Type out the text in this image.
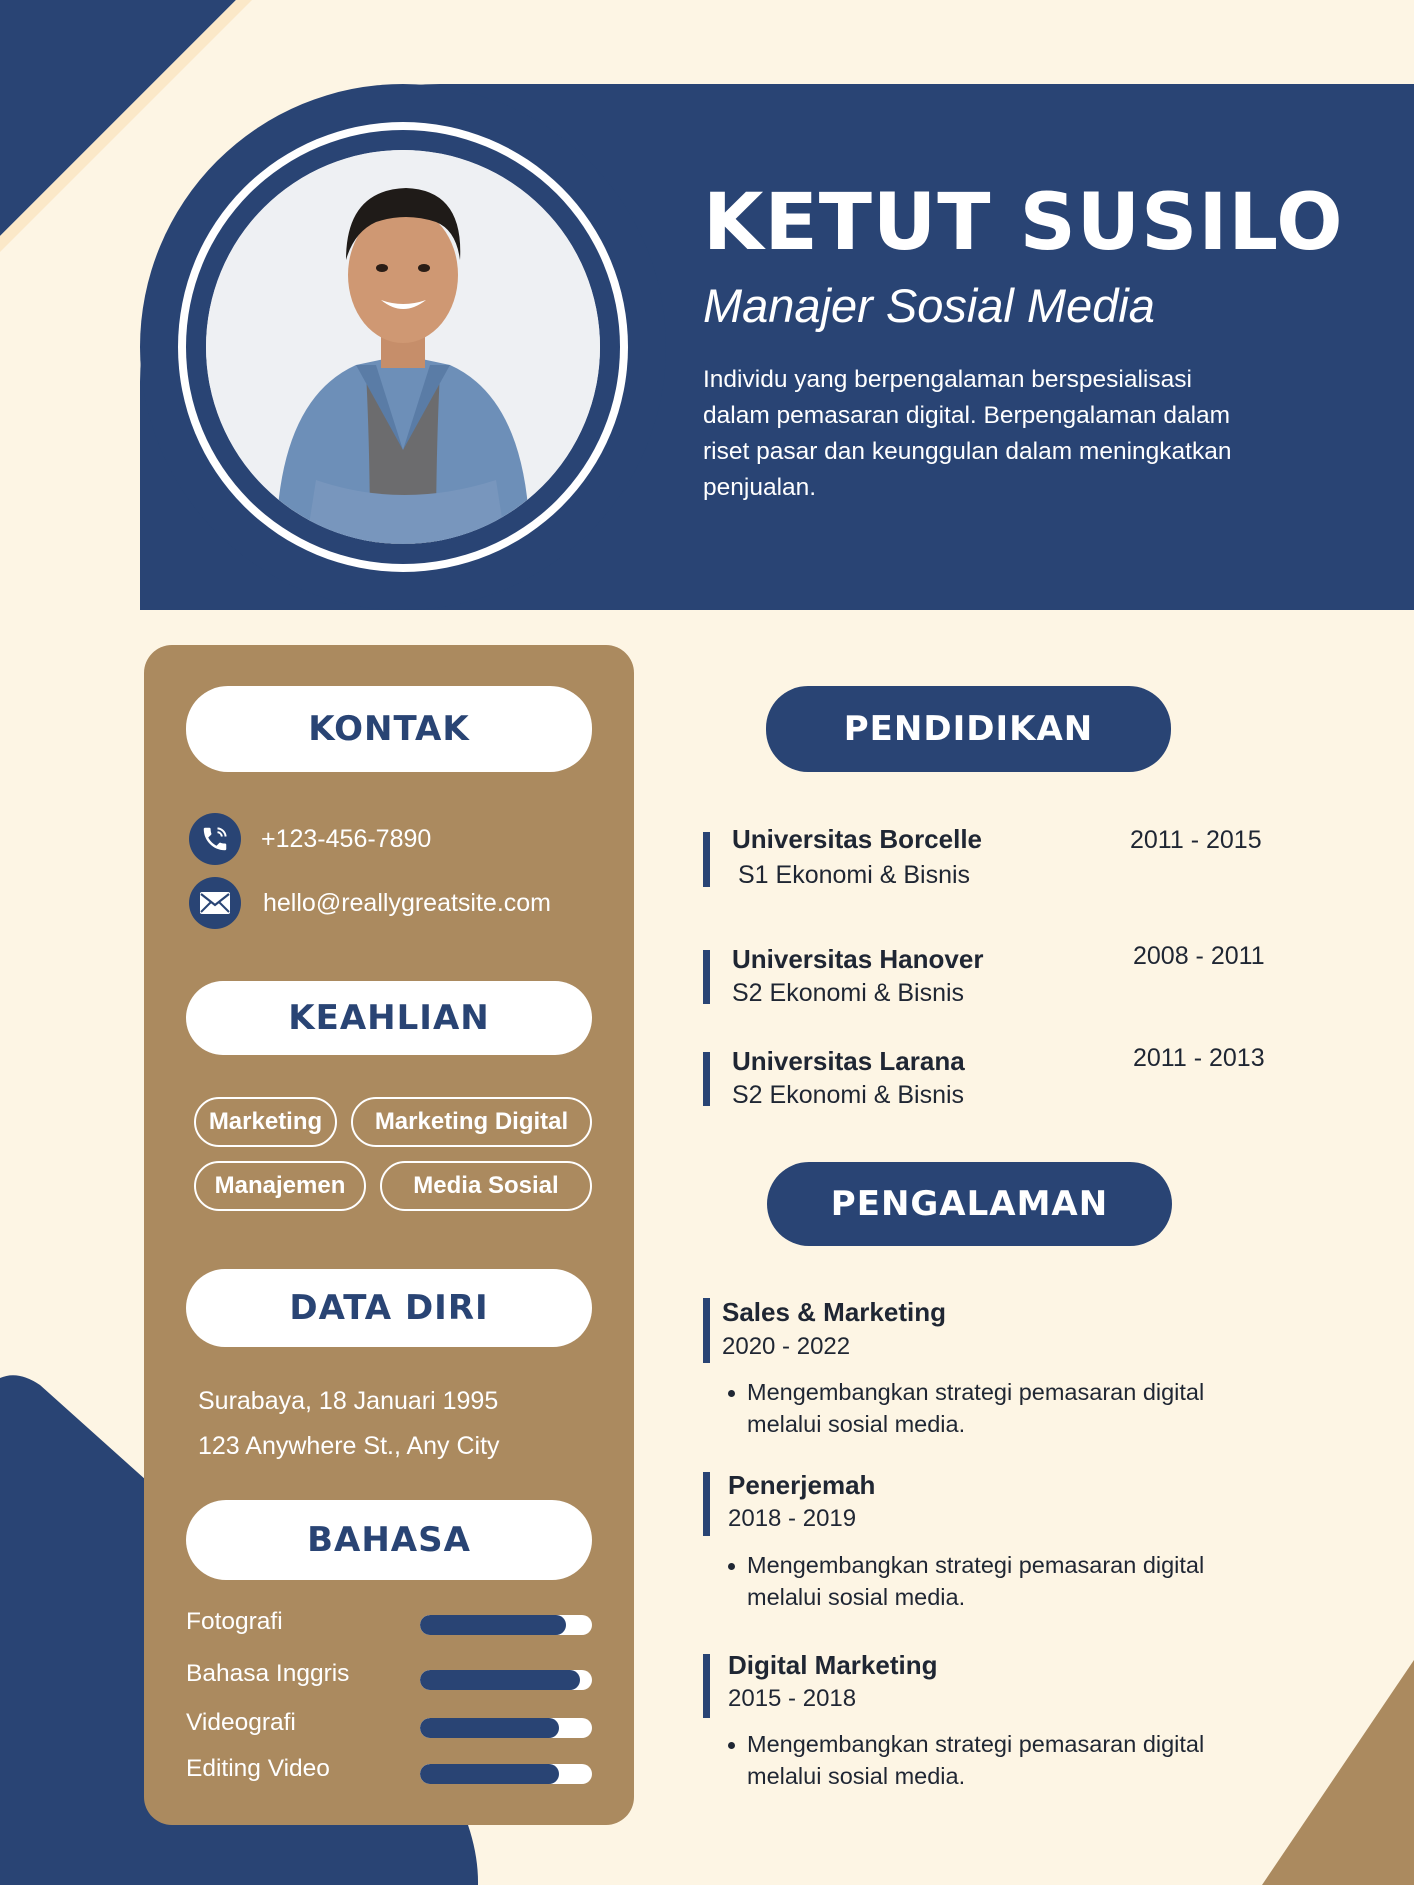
KETUT SUSILO
Manajer Sosial Media
Individu yang berpengalaman berspesialisasi dalam pemasaran digital. Berpengalaman dalam riset pasar dan keunggulan dalam meningkatkan penjualan.
KONTAK
+123-456-7890
hello@reallygreatsite.com
KEAHLIAN
Marketing	Marketing Digital
Manajemen	Media Sosial
DATA DIRI
Surabaya, 18 Januari 1995
123 Anywhere St., Any City
BAHASA
Fotografi
Bahasa Inggris
Videografi
Editing Video
PENDIDIKAN
Universitas Borcelle
S1 Ekonomi & Bisnis
2011 - 2015
Universitas Hanover
S2 Ekonomi & Bisnis
2008 - 2011
Universitas Larana
S2 Ekonomi & Bisnis
2011 - 2013
PENGALAMAN
Sales & Marketing
2020 - 2022
Mengembangkan strategi pemasaran digital melalui sosial media.
Penerjemah
2018 - 2019
Mengembangkan strategi pemasaran digital melalui sosial media.
Digital Marketing
2015 - 2018
Mengembangkan strategi pemasaran digital melalui sosial media.
